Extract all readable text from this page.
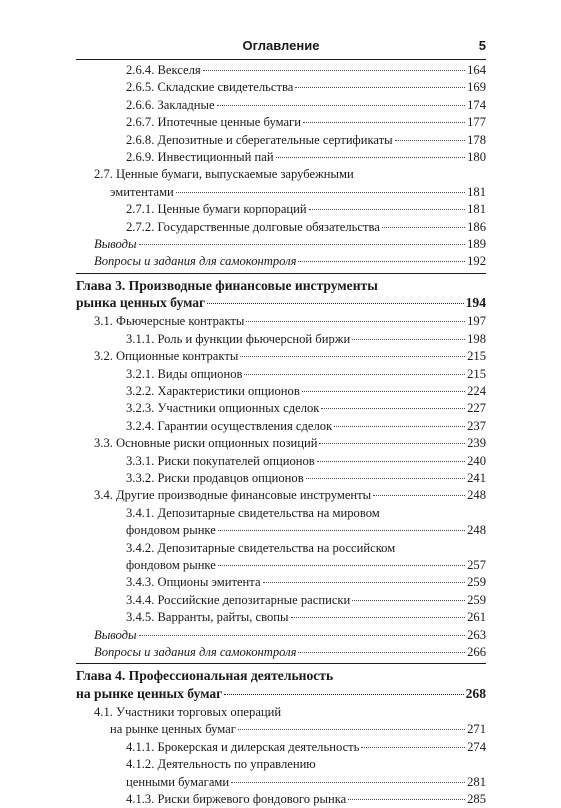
Оглавление	5
2.6.4. Векселя	164
2.6.5. Складские свидетельства	169
2.6.6. Закладные	174
2.6.7. Ипотечные ценные бумаги	177
2.6.8. Депозитные и сберегательные сертификаты	178
2.6.9. Инвестиционный пай	180
2.7. Ценные бумаги, выпускаемые зарубежными
эмитентами	181
2.7.1. Ценные бумаги корпораций	181
2.7.2. Государственные долговые обязательства	186
Выводы	189
Вопросы и задания для самоконтроля	192
Глава 3. Производные финансовые инструменты
рынка ценных бумаг	194
3.1. Фьючерсные контракты	197
3.1.1. Роль и функции фьючерсной биржи	198
3.2. Опционные контракты	215
3.2.1. Виды опционов	215
3.2.2. Характеристики опционов	224
3.2.3. Участники опционных сделок	227
3.2.4. Гарантии осуществления сделок	237
3.3. Основные риски опционных позиций	239
3.3.1. Риски покупателей опционов	240
3.3.2. Риски продавцов опционов	241
3.4. Другие производные финансовые инструменты	248
3.4.1. Депозитарные свидетельства на мировом
фондовом рынке	248
3.4.2. Депозитарные свидетельства на российском
фондовом рынке	257
3.4.3. Опционы эмитента	259
3.4.4. Российские депозитарные расписки	259
3.4.5. Варранты, райты, свопы	261
Выводы	263
Вопросы и задания для самоконтроля	266
Глава 4. Профессиональная деятельность
на рынке ценных бумаг	268
4.1. Участники торговых операций
на рынке ценных бумаг	271
4.1.1. Брокерская и дилерская деятельность	274
4.1.2. Деятельность по управлению
ценными бумагами	281
4.1.3. Риски биржевого фондового рынка	285
